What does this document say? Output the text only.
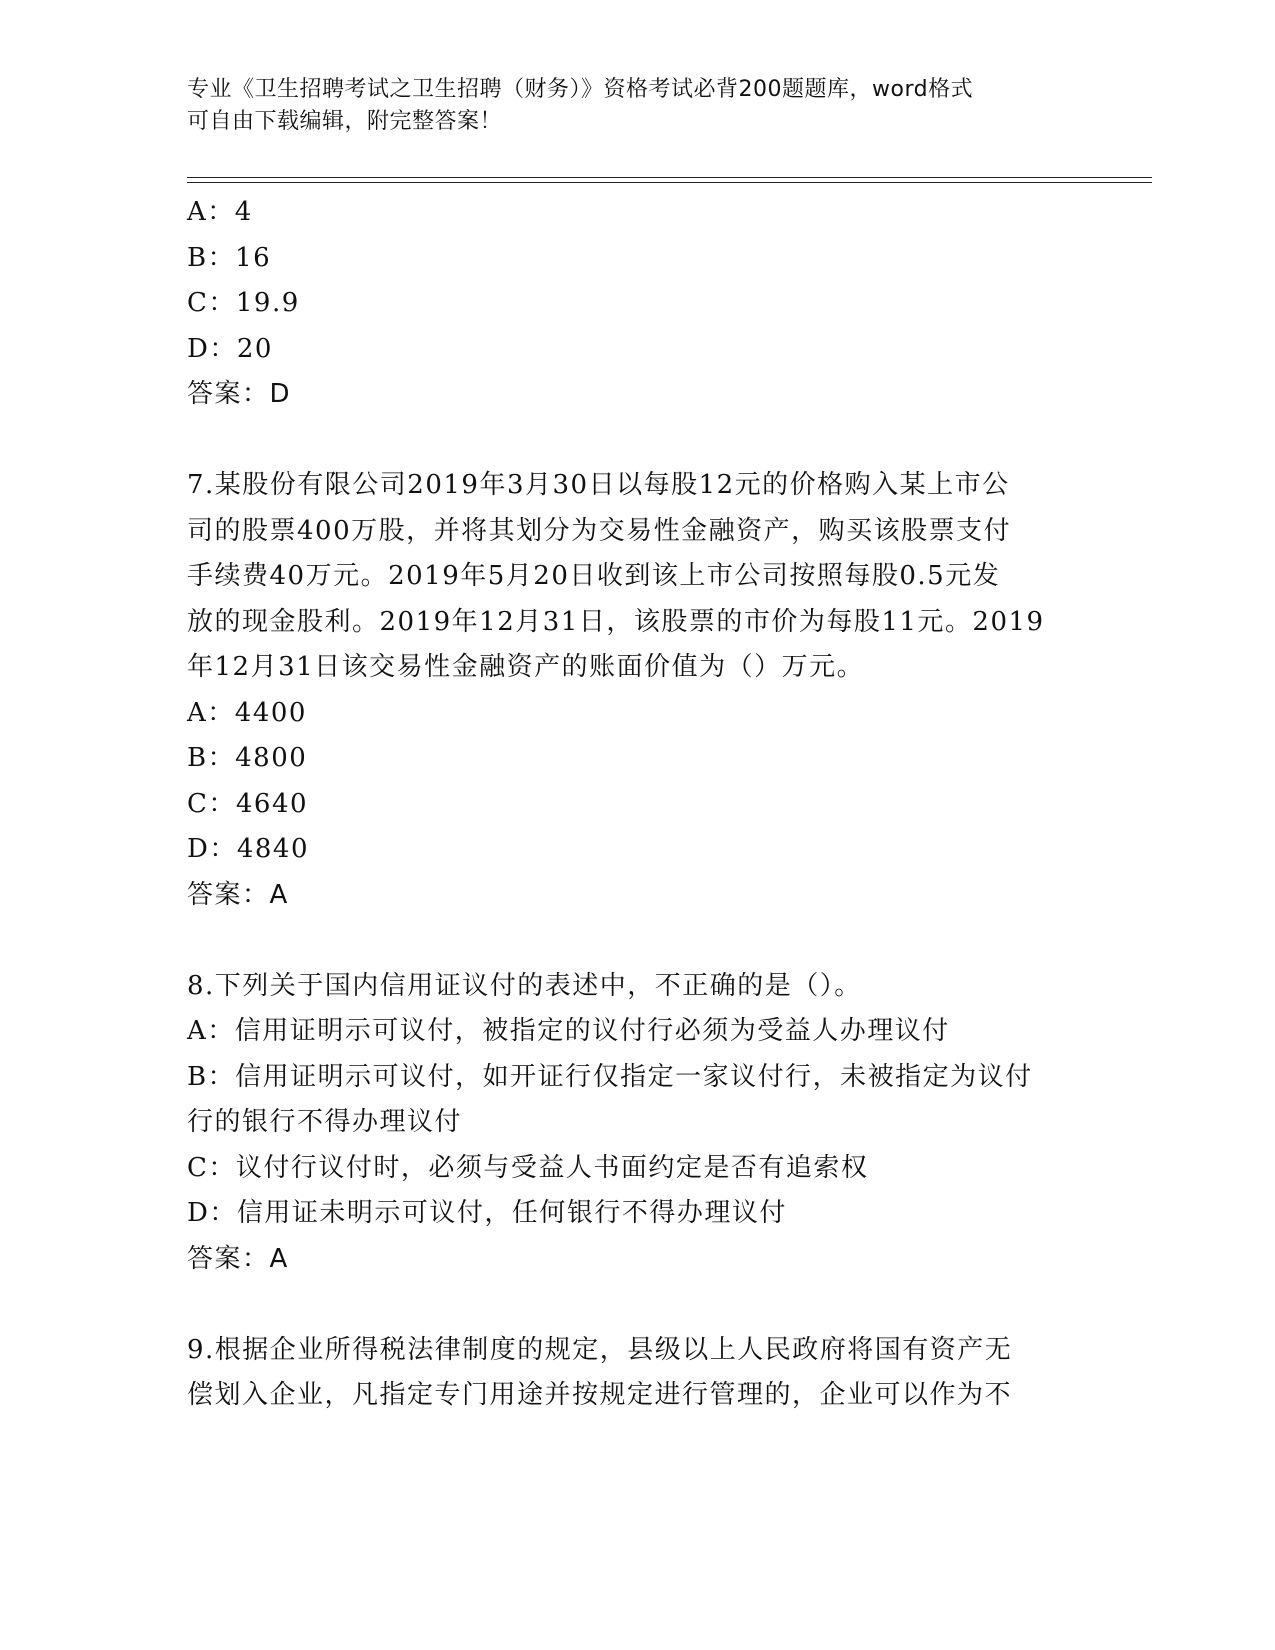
专业《卫生招聘考试之卫生招聘（财务）》资格考试必背200题题库，word格式
可自由下载编辑，附完整答案！
A：4
B：16
C：19.9
D：20
答案：D
7.某股份有限公司2019年3月30日以每股12元的价格购入某上市公
司的股票400万股，并将其划分为交易性金融资产，购买该股票支付
手续费40万元。2019年5月20日收到该上市公司按照每股0.5元发
放的现金股利。2019年12月31日，该股票的市价为每股11元。2019
年12月31日该交易性金融资产的账面价值为（）万元。
A：4400
B：4800
C：4640
D：4840
答案：A
8.下列关于国内信用证议付的表述中，不正确的是（）。
A：信用证明示可议付，被指定的议付行必须为受益人办理议付
B：信用证明示可议付，如开证行仅指定一家议付行，未被指定为议付
行的银行不得办理议付
C：议付行议付时，必须与受益人书面约定是否有追索权
D：信用证未明示可议付，任何银行不得办理议付
答案：A
9.根据企业所得税法律制度的规定，县级以上人民政府将国有资产无
偿划入企业，凡指定专门用途并按规定进行管理的，企业可以作为不
